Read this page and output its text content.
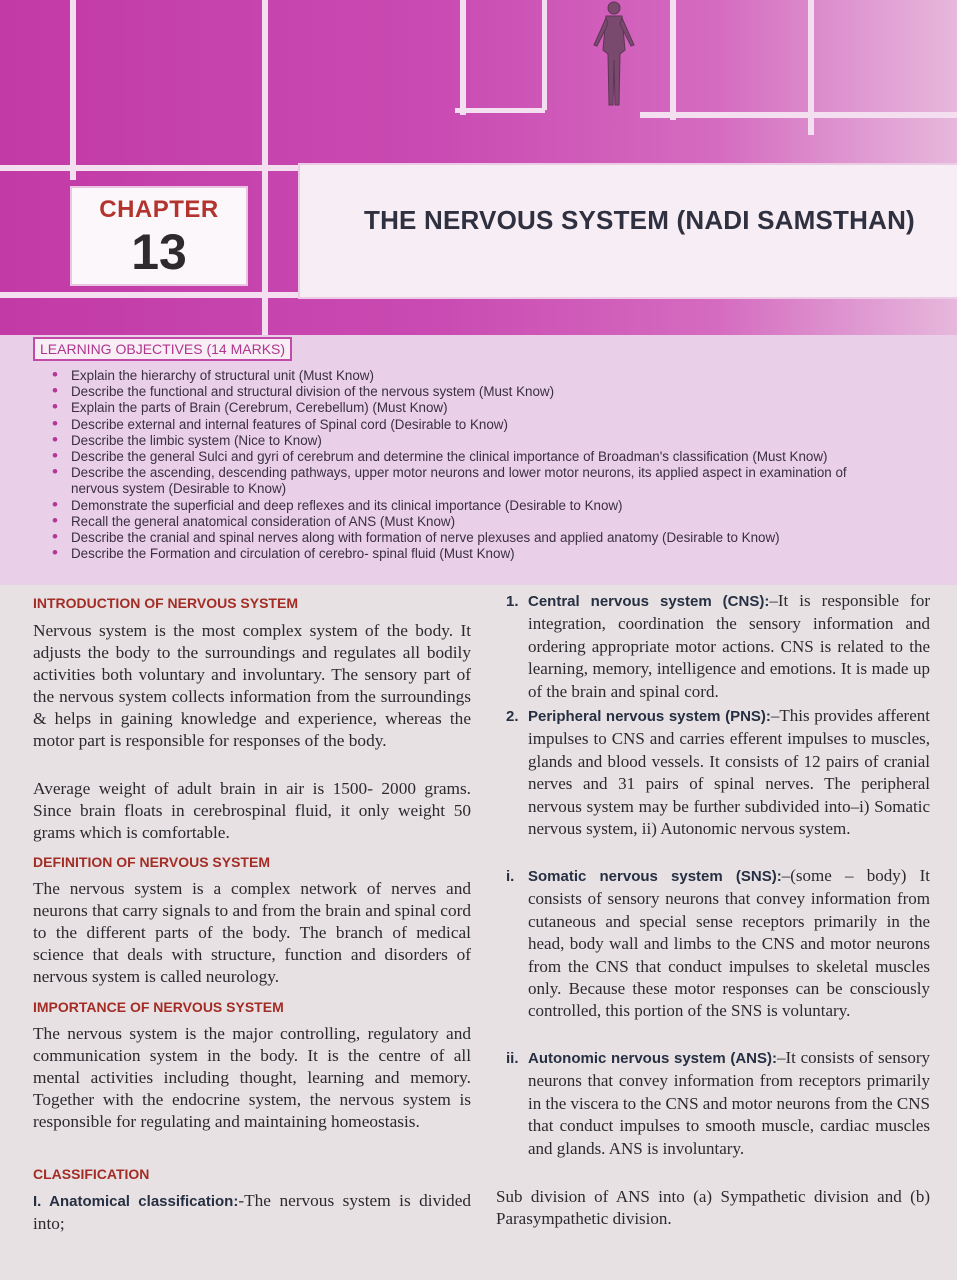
CHAPTER
13
THE NERVOUS SYSTEM (NADI SAMSTHAN)
LEARNING OBJECTIVES (14 MARKS)
• Explain the hierarchy of structural unit (Must Know)
• Describe the functional and structural division of the nervous system (Must Know)
• Explain the parts of Brain (Cerebrum, Cerebellum) (Must Know)
• Describe external and internal features of Spinal cord (Desirable to Know)
• Describe the limbic system (Nice to Know)
• Describe the general Sulci and gyri of cerebrum and determine the clinical importance of Broadman's classification (Must Know)
• Describe the ascending, descending pathways, upper motor neurons and lower motor neurons, its applied aspect in examination of nervous system (Desirable to Know)
• Demonstrate the superficial and deep reflexes and its clinical importance (Desirable to Know)
• Recall the general anatomical consideration of ANS (Must Know)
• Describe the cranial and spinal nerves along with formation of nerve plexuses and applied anatomy (Desirable to Know)
• Describe the Formation and circulation of cerebro- spinal fluid (Must Know)
INTRODUCTION OF NERVOUS SYSTEM

Nervous system is the most complex system of the body. It adjusts the body to the surroundings and regulates all bodily activities both voluntary and involuntary. The sensory part of the nervous system collects information from the surroundings & helps in gaining knowledge and experience, whereas the motor part is responsible for responses of the body.

Average weight of adult brain in air is 1500- 2000 grams. Since brain floats in cerebrospinal fluid, it only weight 50 grams which is comfortable.

DEFINITION OF NERVOUS SYSTEM

The nervous system is a complex network of nerves and neurons that carry signals to and from the brain and spinal cord to the different parts of the body. The branch of medical science that deals with structure, function and disorders of nervous system is called neurology.

IMPORTANCE OF NERVOUS SYSTEM

The nervous system is the major controlling, regulatory and communication system in the body. It is the centre of all mental activities including thought, learning and memory. Together with the endocrine system, the nervous system is responsible for regulating and maintaining homeostasis.

CLASSIFICATION

I. Anatomical classification:-The nervous system is divided into;

1. Central nervous system (CNS):–It is responsible for integration, coordination the sensory information and ordering appropriate motor actions. CNS is related to the learning, memory, intelligence and emotions. It is made up of the brain and spinal cord.
2. Peripheral nervous system (PNS):–This provides afferent impulses to CNS and carries efferent impulses to muscles, glands and blood vessels. It consists of 12 pairs of cranial nerves and 31 pairs of spinal nerves. The peripheral nervous system may be further subdivided into–i) Somatic nervous system, ii) Autonomic nervous system.
i. Somatic nervous system (SNS):–(some – body) It consists of sensory neurons that convey information from cutaneous and special sense receptors primarily in the head, body wall and limbs to the CNS and motor neurons from the CNS that conduct impulses to skeletal muscles only. Because these motor responses can be consciously controlled, this portion of the SNS is voluntary.
ii. Autonomic nervous system (ANS):–It consists of sensory neurons that convey information from receptors primarily in the viscera to the CNS and motor neurons from the CNS that conduct impulses to smooth muscle, cardiac muscles and glands. ANS is involuntary.

Sub division of ANS into (a) Sympathetic division and (b) Parasympathetic division.
